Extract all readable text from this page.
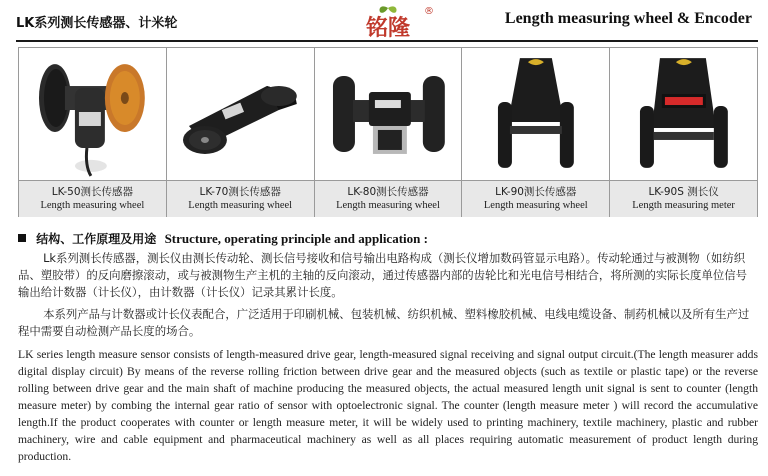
LK系列测长传感器、计米轮	铭隆
®	Length measuring wheel & Encoder
LK-50测长传感器
Length measuring wheel
LK-70测长传感器
Length measuring wheel
LK-80测长传感器
Length measuring wheel
LK-90测长传感器
Length measuring wheel
LK-90S 测长仪
Length measuring meter
结构、工作原理及用途 Structure, operating principle and application :

Lk系列测长传感器，测长仪由测长传动轮、测长信号接收和信号输出电路构成（测长仪增加数码管显示电路）。传动轮通过与被测物（如纺织品、塑胶带）的反向磨擦滚动，或与被测物生产主机的主轴的反向滚动，通过传感器内部的齿轮比和光电信号相结合，将所测的实际长度单位信号输出给计数器（计长仪），由计数器（计长仪）记录其累计长度。

本系列产品与计数器或计长仪表配合，广泛适用于印刷机械、包装机械、纺织机械、塑料橡胶机械、电线电缆设备、制药机械以及所有生产过程中需要自动检测产品长度的场合。

LK series length measure sensor consists of length-measured drive gear, length-measured signal receiving and signal output circuit.(The length measurer adds digital display circuit) By means of the reverse rolling friction between drive gear and the measured objects (such as textile or plastic tape) or the reverse rolling between drive gear and the main shaft of machine producing the measured objects, the actual measured length unit signal is sent to counter (length measure meter) by combing the internal gear ratio of sensor with optoelectronic signal. The counter (length measure meter ) will record the accumulative length.If the product cooperates with counter or length measure meter, it will be widely used to printing machinery, textile machinery, plastic and rubber machinery, wire and cable equipment and pharmaceutical machinery as well as all places requiring automatic measurement of product length during production.
